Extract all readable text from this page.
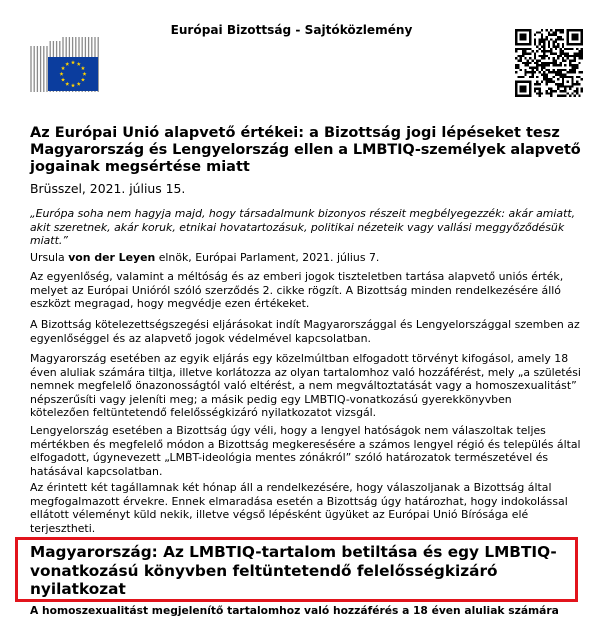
Európai Bizottság - Sajtóközlemény
Az Európai Unió alapvető értékei: a Bizottság jogi lépéseket tesz
Magyarország és Lengyelország ellen a LMBTIQ-személyek alapvető
jogainak megsértése miatt
Brüsszel, 2021. július 15.
„Európa soha nem hagyja majd, hogy társadalmunk bizonyos részeit megbélyegezzék: akár amiatt,
akit szeretnek, akár koruk, etnikai hovatartozásuk, politikai nézeteik vagy vallási meggyőződésük
miatt.”
Ursula von der Leyen elnök, Európai Parlament, 2021. július 7.
Az egyenlőség, valamint a méltóság és az emberi jogok tiszteletben tartása alapvető uniós érték,
melyet az Európai Unióról szóló szerződés 2. cikke rögzít. A Bizottság minden rendelkezésére álló
eszközt megragad, hogy megvédje ezen értékeket.
A Bizottság kötelezettségszegési eljárásokat indít Magyarországgal és Lengyelországgal szemben az
egyenlőséggel és az alapvető jogok védelmével kapcsolatban.
Magyarország esetében az egyik eljárás egy közelmúltban elfogadott törvényt kifogásol, amely 18
éven aluliak számára tiltja, illetve korlátozza az olyan tartalomhoz való hozzáférést, mely „a születési
nemnek megfelelő önazonosságtól való eltérést, a nem megváltoztatását vagy a homoszexualitást”
népszerűsíti vagy jeleníti meg; a másik pedig egy LMBTIQ-vonatkozású gyerekkönyvben
kötelezően feltüntetendő felelősségkizáró nyilatkozatot vizsgál.
Lengyelország esetében a Bizottság úgy véli, hogy a lengyel hatóságok nem válaszoltak teljes
mértékben és megfelelő módon a Bizottság megkeresésére a számos lengyel régió és település által
elfogadott, úgynevezett „LMBT-ideológia mentes zónákról” szóló határozatok természetével és
hatásával kapcsolatban.
Az érintett két tagállamnak két hónap áll a rendelkezésére, hogy válaszoljanak a Bizottság által
megfogalmazott érvekre. Ennek elmaradása esetén a Bizottság úgy határozhat, hogy indokolással
ellátott véleményt küld nekik, illetve végső lépésként ügyüket az Európai Unió Bírósága elé
terjesztheti.
Magyarország: Az LMBTIQ-tartalom betiltása és egy LMBTIQ-
vonatkozású könyvben feltüntetendő felelősségkizáró
nyilatkozat
A homoszexualitást megjelenítő tartalomhoz való hozzáférés a 18 éven aluliak számára
